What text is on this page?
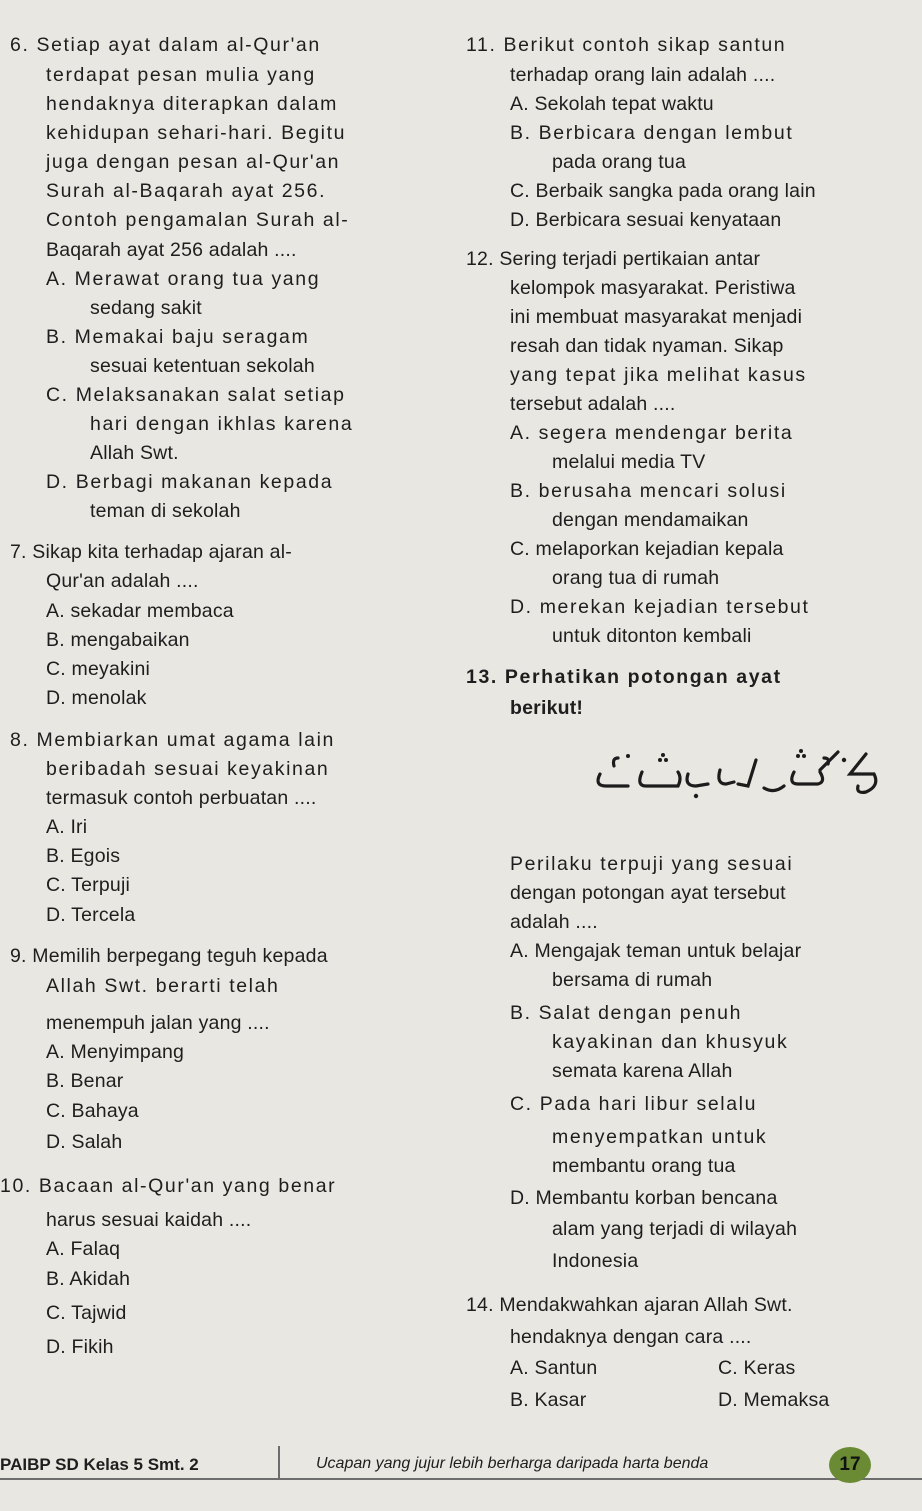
6. Setiap ayat dalam al-Qur'an
terdapat pesan mulia yang
hendaknya diterapkan dalam
kehidupan sehari-hari. Begitu
juga dengan pesan al-Qur'an
Surah al-Baqarah ayat 256.
Contoh pengamalan Surah al-
Baqarah ayat 256 adalah ....
A. Merawat orang tua yang
sedang sakit
B. Memakai baju seragam
sesuai ketentuan sekolah
C. Melaksanakan salat setiap
hari dengan ikhlas karena
Allah Swt.
D. Berbagi makanan kepada
teman di sekolah
7. Sikap kita terhadap ajaran al-
Qur'an adalah ....
A. sekadar membaca
B. mengabaikan
C. meyakini
D. menolak
8. Membiarkan umat agama lain
beribadah sesuai keyakinan
termasuk contoh perbuatan ....
A. Iri
B. Egois
C. Terpuji
D. Tercela
9. Memilih berpegang teguh kepada
Allah Swt. berarti telah
menempuh jalan yang ....
A. Menyimpang
B. Benar
C. Bahaya
D. Salah
10. Bacaan al-Qur'an yang benar
harus sesuai kaidah ....
A. Falaq
B. Akidah
C. Tajwid
D. Fikih
11. Berikut contoh sikap santun
terhadap orang lain adalah ....
A. Sekolah tepat waktu
B. Berbicara dengan lembut
pada orang tua
C. Berbaik sangka pada orang lain
D. Berbicara sesuai kenyataan
12. Sering terjadi pertikaian antar
kelompok masyarakat. Peristiwa
ini membuat masyarakat menjadi
resah dan tidak nyaman. Sikap
yang tepat jika melihat kasus
tersebut adalah ....
A. segera mendengar berita
melalui media TV
B. berusaha mencari solusi
dengan mendamaikan
C. melaporkan kejadian kepala
orang tua di rumah
D. merekan kejadian tersebut
untuk ditonton kembali
13. Perhatikan potongan ayat
berikut!
Perilaku terpuji yang sesuai
dengan potongan ayat tersebut
adalah ....
A. Mengajak teman untuk belajar
bersama di rumah
B. Salat dengan penuh
kayakinan dan khusyuk
semata karena Allah
C. Pada hari libur selalu
menyempatkan untuk
membantu orang tua
D. Membantu korban bencana
alam yang terjadi di wilayah
Indonesia
14. Mendakwahkan ajaran Allah Swt.
hendaknya dengan cara ....
A. Santun	C. Keras
B. Kasar	D. Memaksa
PAIBP SD Kelas 5 Smt. 2	Ucapan yang jujur lebih berharga daripada harta benda	17
